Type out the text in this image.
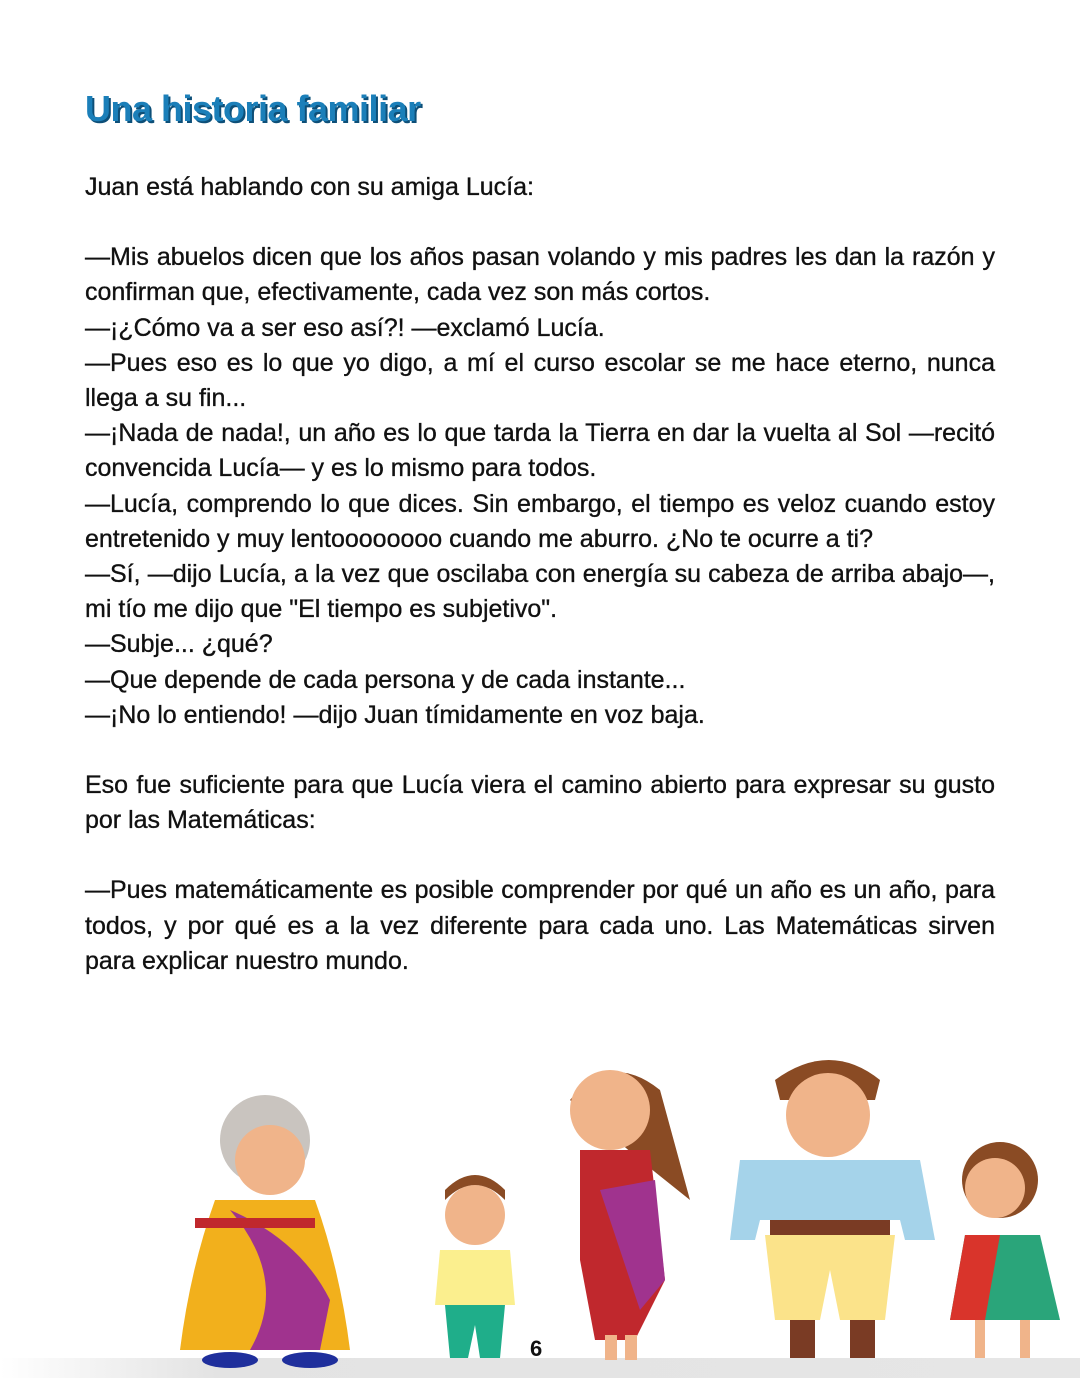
Una historia familiar

Juan está hablando con su amiga Lucía:

—Mis abuelos dicen que los años pasan volando y mis padres les dan la razón y confirman que, efectivamente, cada vez son más cortos.

—¡¿Cómo va a ser eso así?! —exclamó Lucía.

—Pues eso es lo que yo digo, a mí el curso escolar se me hace eterno, nunca llega a su fin...

—¡Nada de nada!, un año es lo que tarda la Tierra en dar la vuelta al Sol —recitó convencida Lucía— y es lo mismo para todos.

—Lucía, comprendo lo que dices. Sin embargo, el tiempo es veloz cuando estoy entretenido y muy lentoooooooo cuando me aburro. ¿No te ocurre a ti?

—Sí, —dijo Lucía, a la vez que oscilaba con energía su cabeza de arriba abajo—, mi tío me dijo que "El tiempo es subjetivo".

—Subje... ¿qué?

—Que depende de cada persona y de cada instante...

—¡No lo entiendo! —dijo Juan tímidamente en voz baja.

Eso fue suficiente para que Lucía viera el camino abierto para expresar su gusto por las Matemáticas:

—Pues matemáticamente es posible comprender por qué un año es un año, para todos, y por qué es a la vez diferente para cada uno. Las Matemáticas sirven para explicar nuestro mundo.

6
